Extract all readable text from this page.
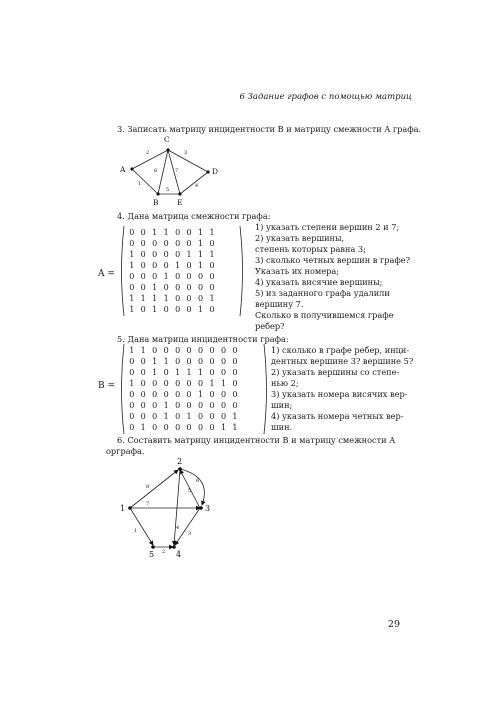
6 Задание графов с помощью матриц
3. Записать матрицу инцидентности B и матрицу смежности A графа.
A
B
C
D
E
1
2	3
4
5
6	7
4. Дана матрица смежности графа:
A =
0	0	1	1	0	0	1	1
0	0	0	0	0	0	1	0
1	0	0	0	0	1	1	1
1	0	0	0	1	0	1	0
0	0	0	1	0	0	0	0
0	0	1	0	0	0	0	0
1	1	1	1	0	0	0	1
1	0	1	0	0	0	1	0
1) указать степени вершин 2 и 7;
2) указать вершины,
степень которых равна 3;
3) сколько четных вершин в графе?
Указать их номера;
4) указать висячие вершины;
5) из заданного графа удалили
вершину 7.
Сколько в получившемся графе
ребер?
5. Дана матрица инцидентности графа:
B =
1	1	0	0	0	0	0	0	0	0
0	0	1	1	0	0	0	0	0	0
0	0	1	0	1	1	1	0	0	0
1	0	0	0	0	0	0	1	1	0
0	0	0	0	0	0	1	0	0	0
0	0	0	1	0	0	0	0	0	0
0	0	0	1	0	1	0	0	0	1
0	1	0	0	0	0	0	0	1	1
1) сколько в графе ребер, инци-
дентных вершине 3? вершине 5?
2) указать вершины со степе-
нью 2;
3) указать номера висячих вер-
шин;
4) указать номера четных вер-
шин.
6. Составить матрицу инцидентности B и матрицу смежности A
орграфа.
1
2
3
4
5
1
2
3
4
5
6
7
8
29
